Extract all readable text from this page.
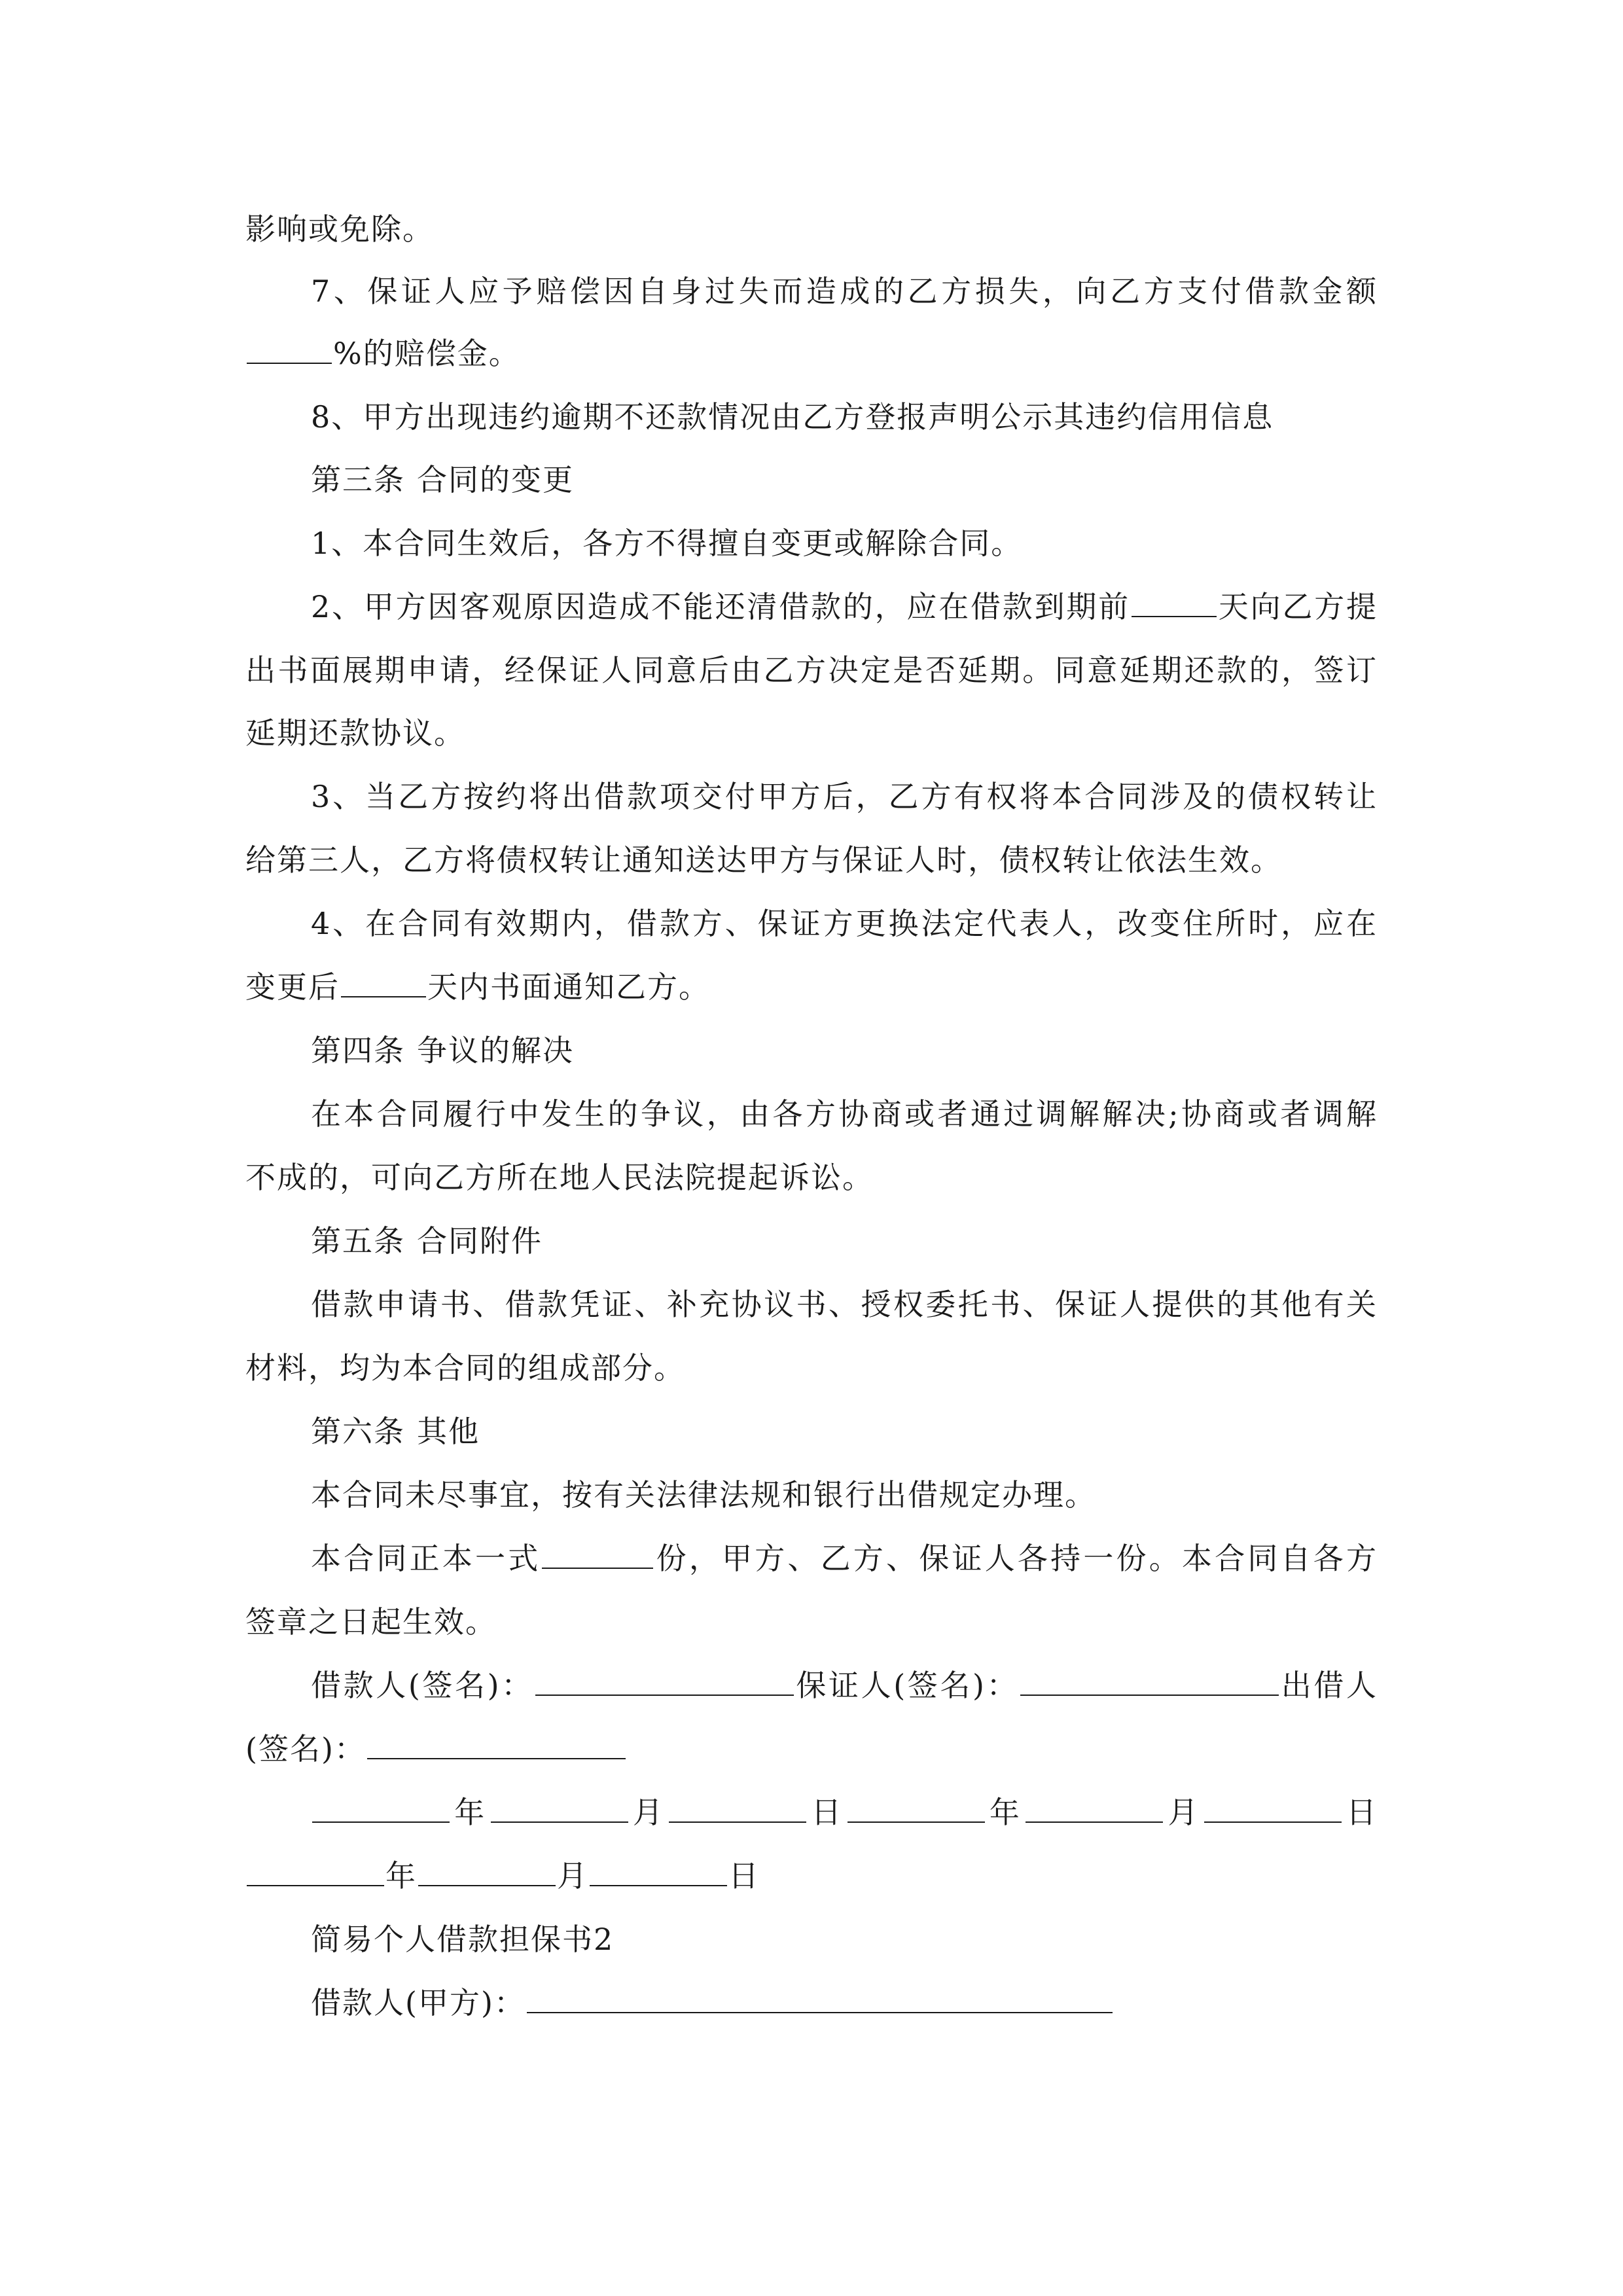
影响或免除。
7、保证人应予赔偿因自身过失而造成的乙方损失，向乙方支付借款金额
%的赔偿金。
8、甲方出现违约逾期不还款情况由乙方登报声明公示其违约信用信息
第三条 合同的变更
1、本合同生效后，各方不得擅自变更或解除合同。
2、甲方因客观原因造成不能还清借款的，应在借款到期前	天向乙方提
出书面展期申请，经保证人同意后由乙方决定是否延期。同意延期还款的，签订
延期还款协议。
3、当乙方按约将出借款项交付甲方后，乙方有权将本合同涉及的债权转让
给第三人，乙方将债权转让通知送达甲方与保证人时，债权转让依法生效。
4、在合同有效期内，借款方、保证方更换法定代表人，改变住所时，应在
变更后	天内书面通知乙方。
第四条 争议的解决
在本合同履行中发生的争议，由各方协商或者通过调解解决;协商或者调解
不成的，可向乙方所在地人民法院提起诉讼。
第五条 合同附件
借款申请书、借款凭证、补充协议书、授权委托书、保证人提供的其他有关
材料，均为本合同的组成部分。
第六条 其他
本合同未尽事宜，按有关法律法规和银行出借规定办理。
本合同正本一式	份，甲方、乙方、保证人各持一份。本合同自各方
签章之日起生效。
借款人(签名)：	保证人(签名)：	出借人
(签名)：
年	月	日	年	月	日
年	月	日
简易个人借款担保书2
借款人(甲方)：
